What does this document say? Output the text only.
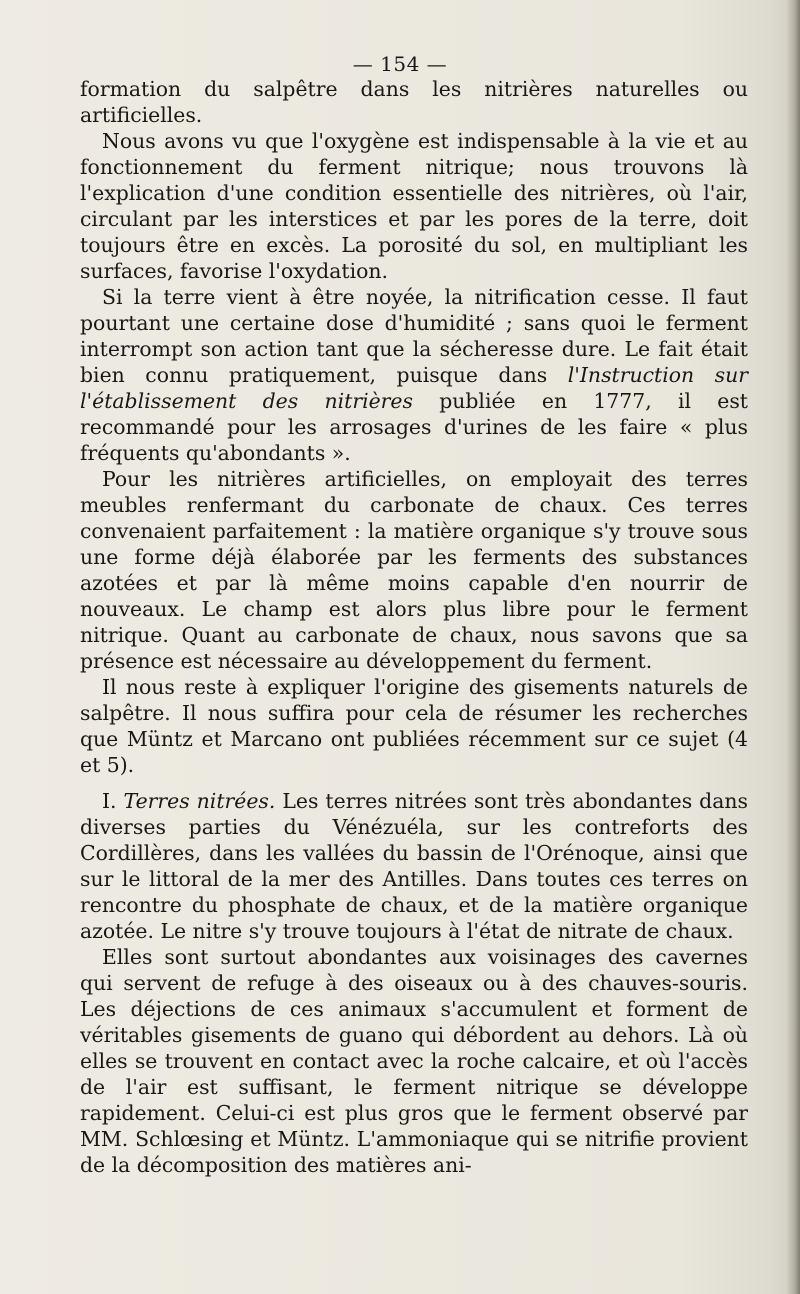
— 154 —

formation du salpêtre dans les nitrières naturelles ou artificielles.

Nous avons vu que l'oxygène est indispensable à la vie et au fonctionnement du ferment nitrique; nous trouvons là l'explication d'une condition essentielle des nitrières, où l'air, circulant par les interstices et par les pores de la terre, doit toujours être en excès. La porosité du sol, en multipliant les surfaces, favorise l'oxydation.

Si la terre vient à être noyée, la nitrification cesse. Il faut pourtant une certaine dose d'humidité ; sans quoi le ferment interrompt son action tant que la sécheresse dure. Le fait était bien connu pratiquement, puisque dans l'Instruction sur l'établissement des nitrières publiée en 1777, il est recommandé pour les arrosages d'urines de les faire « plus fréquents qu'abondants ».

Pour les nitrières artificielles, on employait des terres meubles renfermant du carbonate de chaux. Ces terres convenaient parfaitement : la matière organique s'y trouve sous une forme déjà élaborée par les ferments des substances azotées et par là même moins capable d'en nourrir de nouveaux. Le champ est alors plus libre pour le ferment nitrique. Quant au carbonate de chaux, nous savons que sa présence est nécessaire au développement du ferment.

Il nous reste à expliquer l'origine des gisements naturels de salpêtre. Il nous suffira pour cela de résumer les recherches que Müntz et Marcano ont publiées récemment sur ce sujet (4 et 5).

I. Terres nitrées. Les terres nitrées sont très abondantes dans diverses parties du Vénézuéla, sur les contreforts des Cordillères, dans les vallées du bassin de l'Orénoque, ainsi que sur le littoral de la mer des Antilles. Dans toutes ces terres on rencontre du phosphate de chaux, et de la matière organique azotée. Le nitre s'y trouve toujours à l'état de nitrate de chaux.

Elles sont surtout abondantes aux voisinages des cavernes qui servent de refuge à des oiseaux ou à des chauves-souris. Les déjections de ces animaux s'accumulent et forment de véritables gisements de guano qui débordent au dehors. Là où elles se trouvent en contact avec la roche calcaire, et où l'accès de l'air est suffisant, le ferment nitrique se développe rapidement. Celui-ci est plus gros que le ferment observé par MM. Schlœsing et Müntz. L'ammoniaque qui se nitrifie provient de la décomposition des matières ani-
